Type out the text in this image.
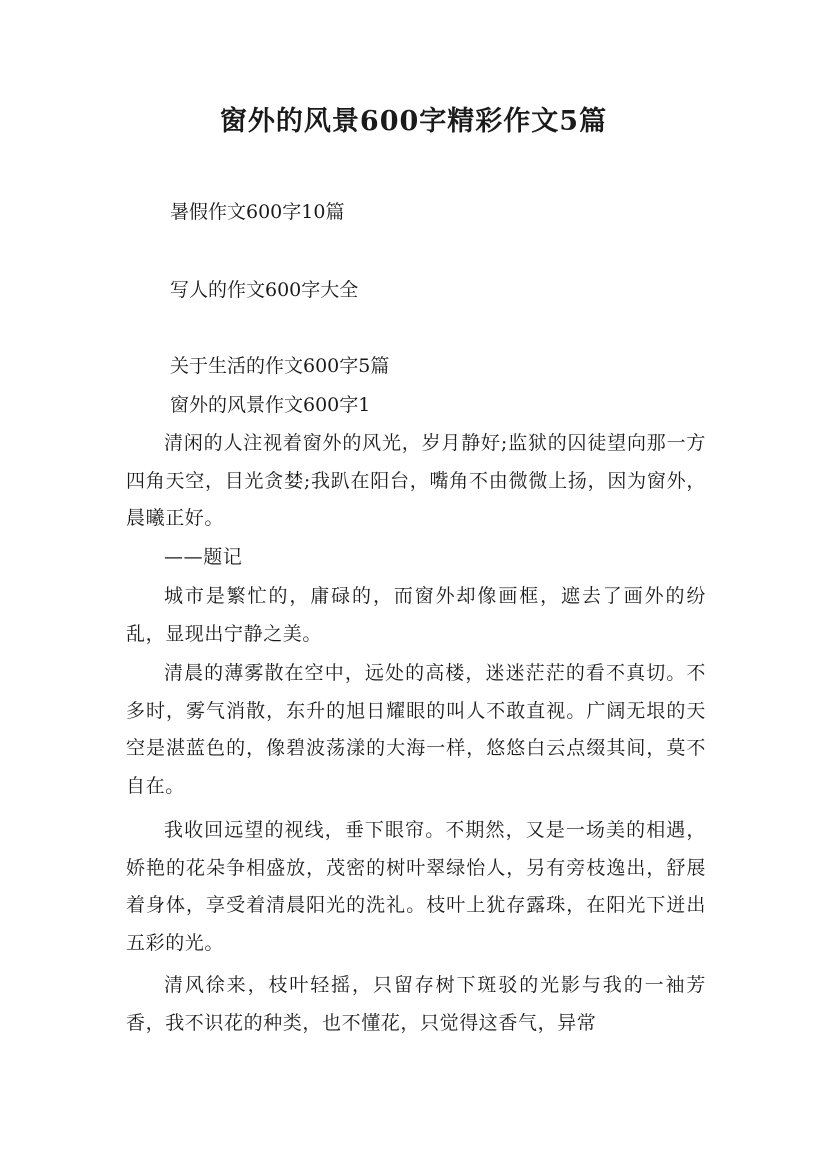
窗外的风景600字精彩作文5篇
暑假作文600字10篇
写人的作文600字大全
关于生活的作文600字5篇
窗外的风景作文600字1

清闲的人注视着窗外的风光，岁月静好;监狱的囚徒望向那一方四角天空，目光贪婪;我趴在阳台，嘴角不由微微上扬，因为窗外，晨曦正好。

——题记

城市是繁忙的，庸碌的，而窗外却像画框，遮去了画外的纷乱，显现出宁静之美。

清晨的薄雾散在空中，远处的高楼，迷迷茫茫的看不真切。不多时，雾气消散，东升的旭日耀眼的叫人不敢直视。广阔无垠的天空是湛蓝色的，像碧波荡漾的大海一样，悠悠白云点缀其间，莫不自在。

我收回远望的视线，垂下眼帘。不期然，又是一场美的相遇，娇艳的花朵争相盛放，茂密的树叶翠绿怡人，另有旁枝逸出，舒展着身体，享受着清晨阳光的洗礼。枝叶上犹存露珠，在阳光下迸出五彩的光。

清风徐来，枝叶轻摇，只留存树下斑驳的光影与我的一袖芳香，我不识花的种类，也不懂花，只觉得这香气，异常
